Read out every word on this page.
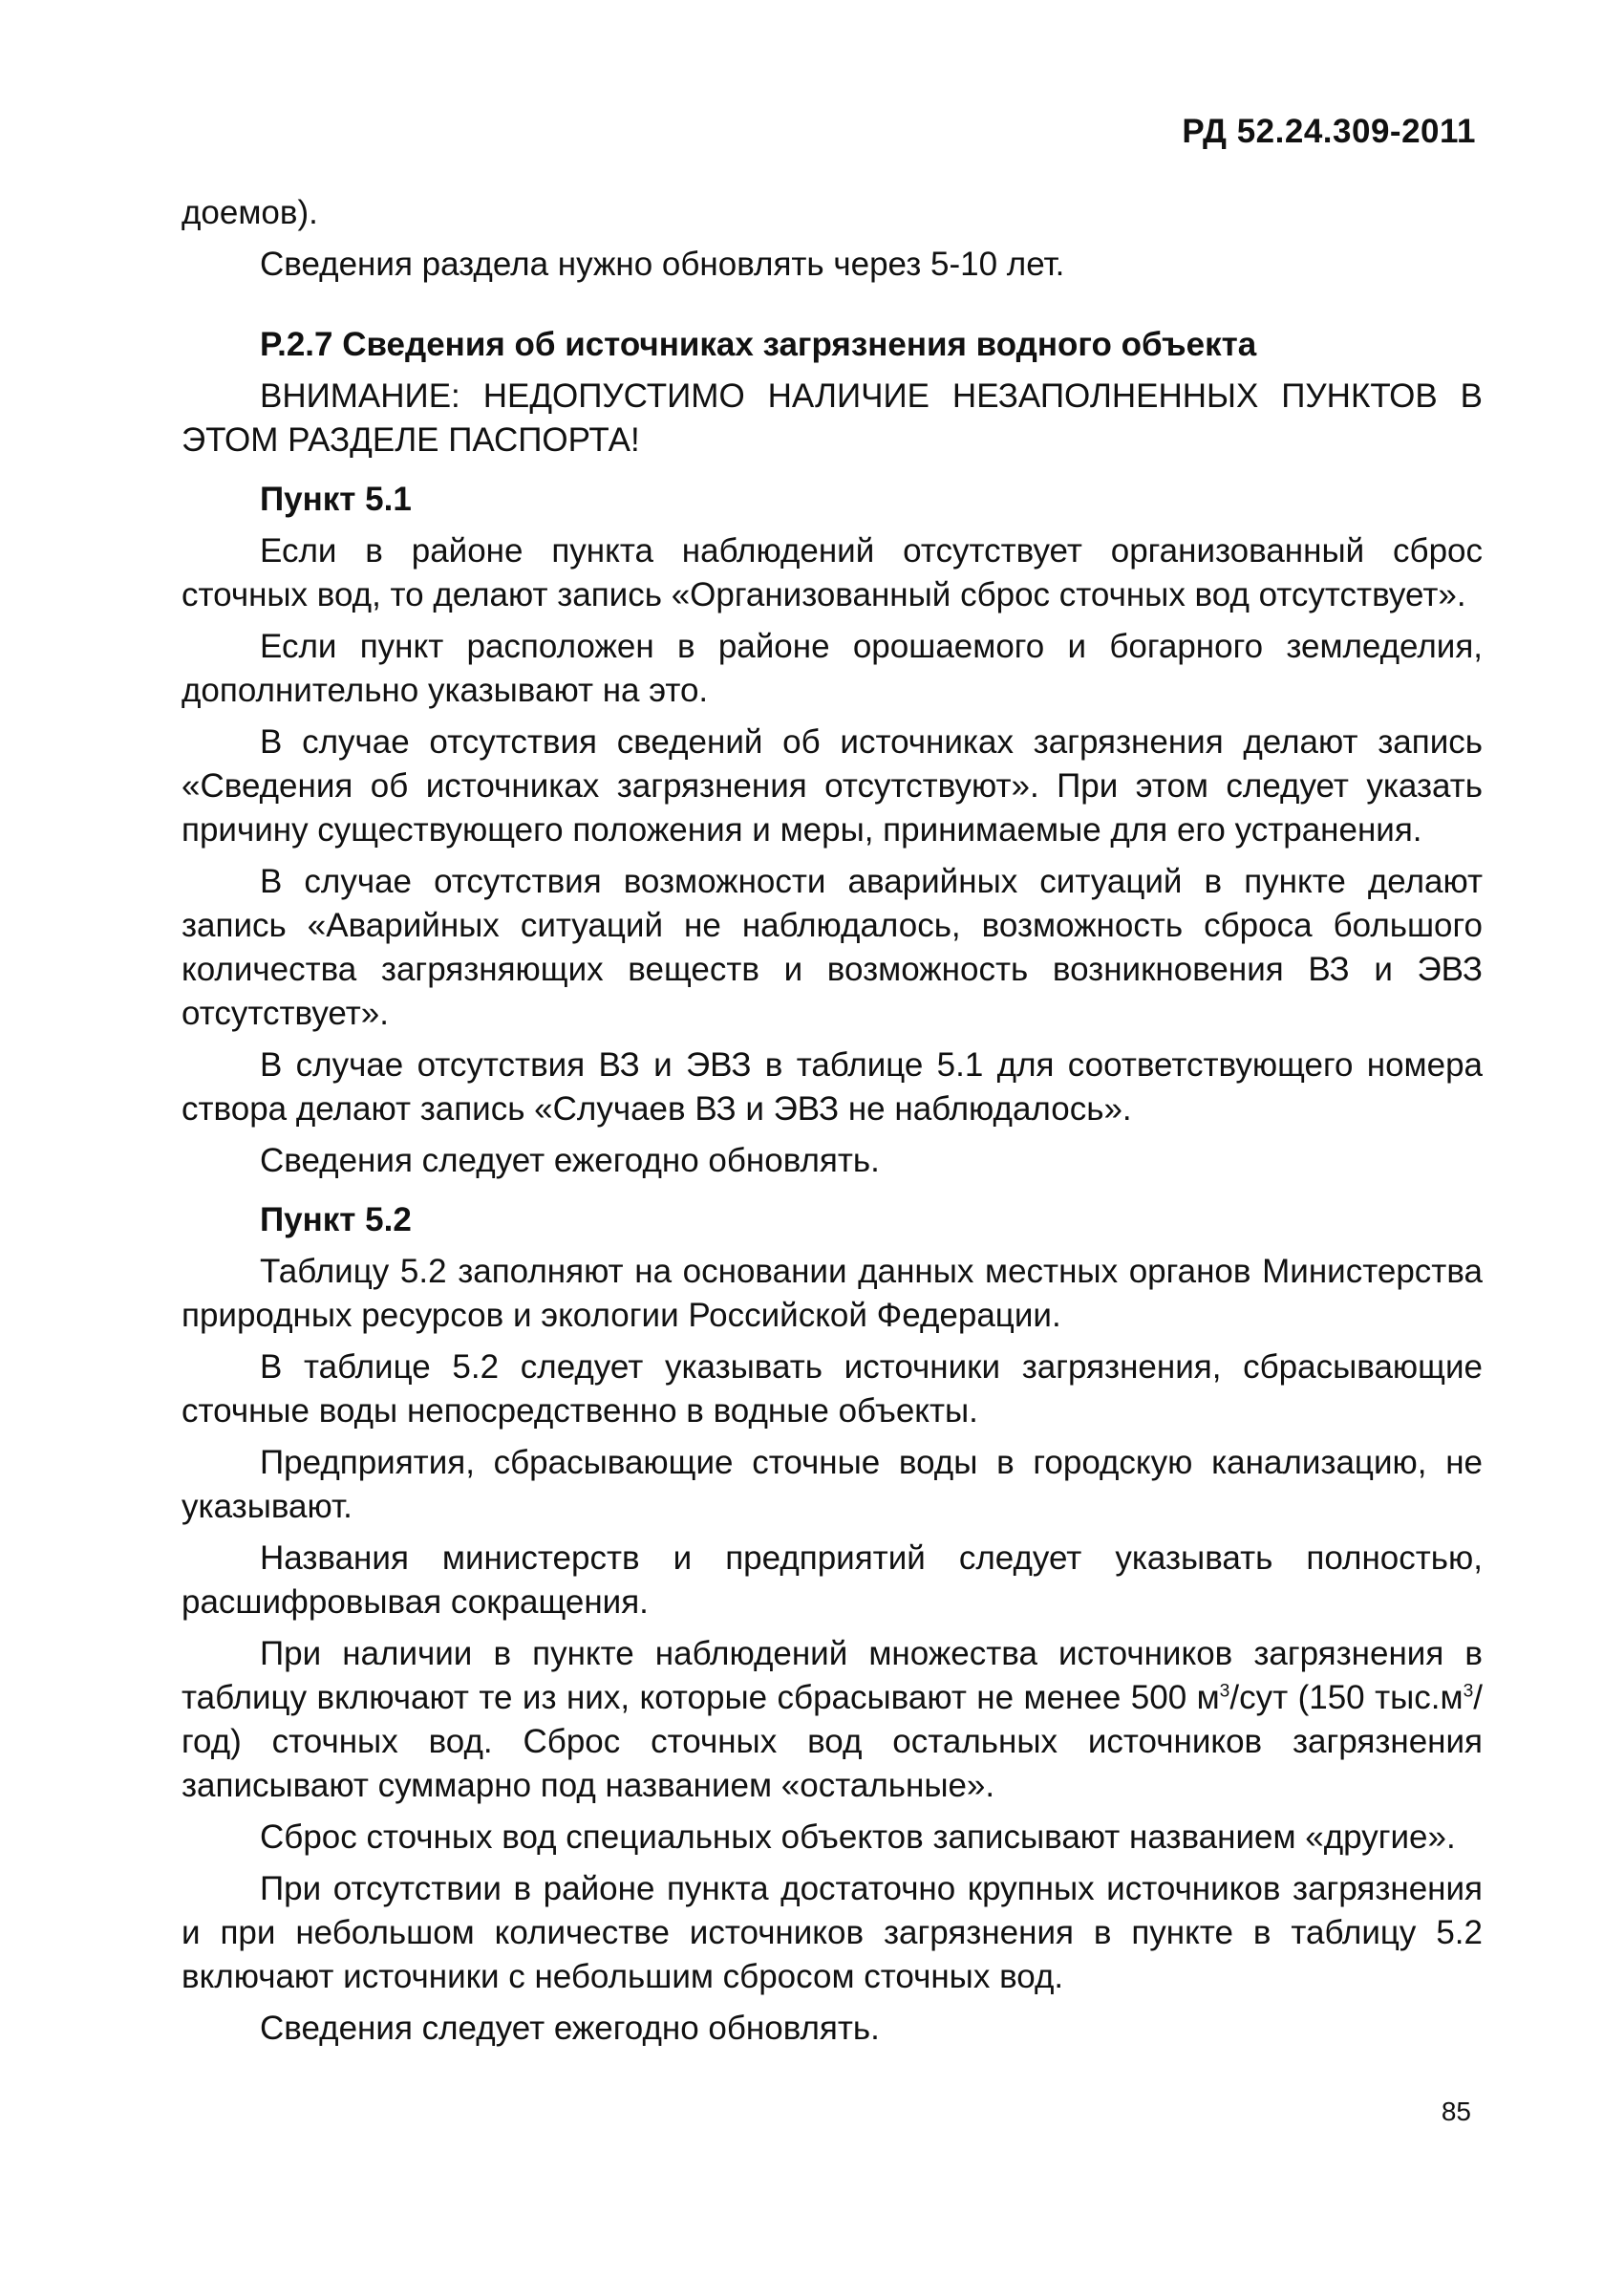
РД 52.24.309-2011

доемов).

Сведения раздела нужно обновлять через 5-10 лет.

Р.2.7 Сведения об источниках загрязнения водного объекта

ВНИМАНИЕ: НЕДОПУСТИМО НАЛИЧИЕ НЕЗАПОЛНЕННЫХ ПУНКТОВ В ЭТОМ РАЗДЕЛЕ ПАСПОРТА!

Пункт 5.1

Если в районе пункта наблюдений отсутствует организованный сброс сточных вод, то делают запись «Организованный сброс сточных вод отсутствует».

Если пункт расположен в районе орошаемого и богарного земледелия, дополнительно указывают на это.

В случае отсутствия сведений об источниках загрязнения делают запись «Сведения об источниках загрязнения отсутствуют». При этом следует указать причину существующего положения и меры, принимаемые для его устранения.

В случае отсутствия возможности аварийных ситуаций в пункте делают запись «Аварийных ситуаций не наблюдалось, возможность сброса большого количества загрязняющих веществ и возможность возникновения ВЗ и ЭВЗ отсутствует».

В случае отсутствия ВЗ и ЭВЗ в таблице 5.1 для соответствующего номера створа делают запись «Случаев ВЗ и ЭВЗ не наблюдалось».

Сведения следует ежегодно обновлять.

Пункт 5.2

Таблицу 5.2 заполняют на основании данных местных органов Министерства природных ресурсов и экологии Российской Федерации.

В таблице 5.2 следует указывать источники загрязнения, сбрасывающие сточные воды непосредственно в водные объекты.

Предприятия, сбрасывающие сточные воды в городскую канализацию, не указывают.

Названия министерств и предприятий следует указывать полностью, расшифровывая сокращения.

При наличии в пункте наблюдений множества источников загрязнения в таблицу включают те из них, которые сбрасывают не менее 500 $м^3$/сут (150 $тыс.м^3/год$) сточных вод. Сброс сточных вод остальных источников загрязнения записывают суммарно под названием «остальные».

Сброс сточных вод специальных объектов записывают названием «другие».

При отсутствии в районе пункта достаточно крупных источников загрязнения и при небольшом количестве источников загрязнения в пункте в таблицу 5.2 включают источники с небольшим сбросом сточных вод.

Сведения следует ежегодно обновлять.

85
